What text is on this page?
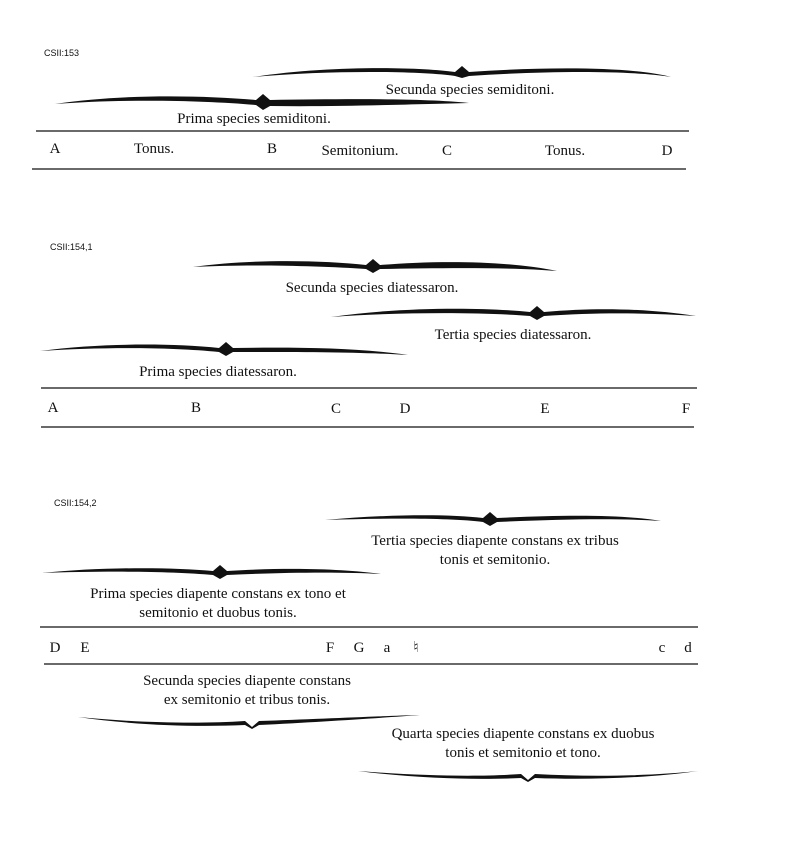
CSII:153
Secunda species semiditoni.
Prima species semiditoni.
A	B	C	D
Tonus.	Semitonium.	Tonus.
CSII:154,1
Secunda species diatessaron.
Tertia species diatessaron.
Prima species diatessaron.
A	B	C	D	E	F
CSII:154,2
Tertia species diapente constans ex tribus
tonis et semitonio.
Prima species diapente constans ex tono et
semitonio et duobus tonis.
D E	F G a ♮	c d
Secunda species diapente constans
ex semitonio et tribus tonis.
Quarta species diapente constans ex duobus
tonis et semitonio et tono.
